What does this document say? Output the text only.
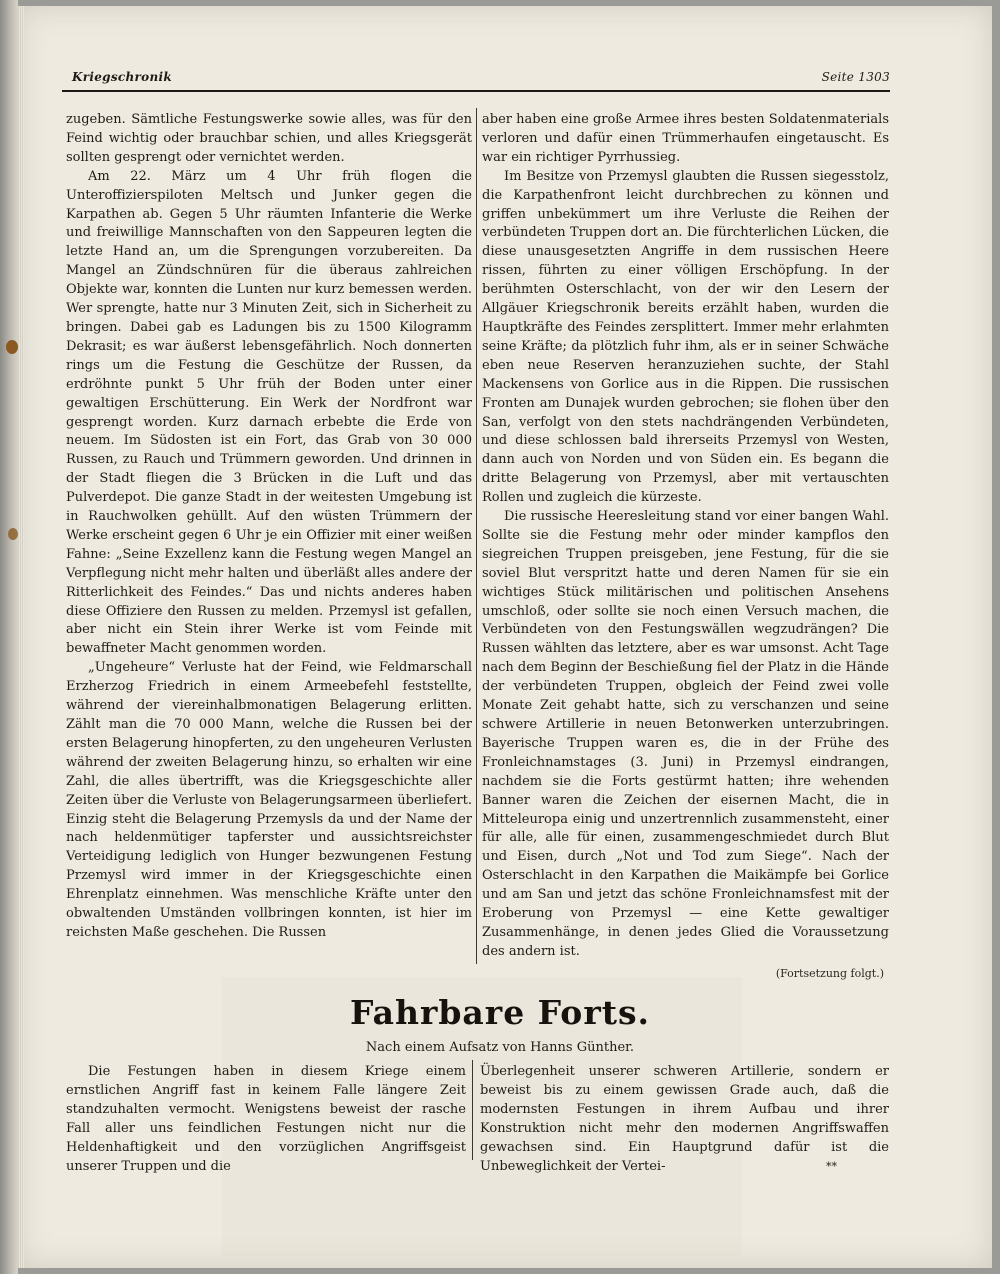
Kriegschronik	Seite 1303

zugeben. Sämtliche Festungswerke sowie alles, was für den Feind wichtig oder brauchbar schien, und alles Kriegsgerät sollten gesprengt oder vernichtet werden.

Am 22. März um 4 Uhr früh flogen die Unteroffizierspiloten Meltsch und Junker gegen die Karpathen ab. Gegen 5 Uhr räumten Infanterie die Werke und freiwillige Mannschaften von den Sappeuren legten die letzte Hand an, um die Sprengungen vorzubereiten. Da Mangel an Zündschnüren für die überaus zahlreichen Objekte war, konnten die Lunten nur kurz bemessen werden. Wer sprengte, hatte nur 3 Minuten Zeit, sich in Sicherheit zu bringen. Dabei gab es Ladungen bis zu 1500 Kilogramm Dekrasit; es war äußerst lebensgefährlich. Noch donnerten rings um die Festung die Geschütze der Russen, da erdröhnte punkt 5 Uhr früh der Boden unter einer gewaltigen Erschütterung. Ein Werk der Nordfront war gesprengt worden. Kurz darnach erbebte die Erde von neuem. Im Südosten ist ein Fort, das Grab von 30 000 Russen, zu Rauch und Trümmern geworden. Und drinnen in der Stadt fliegen die 3 Brücken in die Luft und das Pulverdepot. Die ganze Stadt in der weitesten Umgebung ist in Rauchwolken gehüllt. Auf den wüsten Trümmern der Werke erscheint gegen 6 Uhr je ein Offizier mit einer weißen Fahne: „Seine Exzellenz kann die Festung wegen Mangel an Verpflegung nicht mehr halten und überläßt alles andere der Ritterlichkeit des Feindes.“ Das und nichts anderes haben diese Offiziere den Russen zu melden. Przemysl ist gefallen, aber nicht ein Stein ihrer Werke ist vom Feinde mit bewaffneter Macht genommen worden.

„Ungeheure“ Verluste hat der Feind, wie Feldmarschall Erzherzog Friedrich in einem Armeebefehl feststellte, während der viereinhalbmonatigen Belagerung erlitten. Zählt man die 70 000 Mann, welche die Russen bei der ersten Belagerung hinopferten, zu den ungeheuren Verlusten während der zweiten Belagerung hinzu, so erhalten wir eine Zahl, die alles übertrifft, was die Kriegsgeschichte aller Zeiten über die Verluste von Belagerungsarmeen überliefert. Einzig steht die Belagerung Przemysls da und der Name der nach heldenmütiger tapferster und aussichtsreichster Verteidigung lediglich von Hunger bezwungenen Festung Przemysl wird immer in der Kriegsgeschichte einen Ehrenplatz einnehmen. Was menschliche Kräfte unter den obwaltenden Umständen vollbringen konnten, ist hier im reichsten Maße geschehen. Die Russen

aber haben eine große Armee ihres besten Soldatenmaterials verloren und dafür einen Trümmerhaufen eingetauscht. Es war ein richtiger Pyrrhussieg.

Im Besitze von Przemysl glaubten die Russen siegesstolz, die Karpathenfront leicht durchbrechen zu können und griffen unbekümmert um ihre Verluste die Reihen der verbündeten Truppen dort an. Die fürchterlichen Lücken, die diese unausgesetzten Angriffe in dem russischen Heere rissen, führten zu einer völligen Erschöpfung. In der berühmten Osterschlacht, von der wir den Lesern der Allgäuer Kriegschronik bereits erzählt haben, wurden die Hauptkräfte des Feindes zersplittert. Immer mehr erlahmten seine Kräfte; da plötzlich fuhr ihm, als er in seiner Schwäche eben neue Reserven heranzuziehen suchte, der Stahl Mackensens von Gorlice aus in die Rippen. Die russischen Fronten am Dunajek wurden gebrochen; sie flohen über den San, verfolgt von den stets nachdrängenden Verbündeten, und diese schlossen bald ihrerseits Przemysl von Westen, dann auch von Norden und von Süden ein. Es begann die dritte Belagerung von Przemysl, aber mit vertauschten Rollen und zugleich die kürzeste.

Die russische Heeresleitung stand vor einer bangen Wahl. Sollte sie die Festung mehr oder minder kampflos den siegreichen Truppen preisgeben, jene Festung, für die sie soviel Blut verspritzt hatte und deren Namen für sie ein wichtiges Stück militärischen und politischen Ansehens umschloß, oder sollte sie noch einen Versuch machen, die Verbündeten von den Festungswällen wegzudrängen? Die Russen wählten das letztere, aber es war umsonst. Acht Tage nach dem Beginn der Beschießung fiel der Platz in die Hände der verbündeten Truppen, obgleich der Feind zwei volle Monate Zeit gehabt hatte, sich zu verschanzen und seine schwere Artillerie in neuen Betonwerken unterzubringen. Bayerische Truppen waren es, die in der Frühe des Fronleichnamstages (3. Juni) in Przemysl eindrangen, nachdem sie die Forts gestürmt hatten; ihre wehenden Banner waren die Zeichen der eisernen Macht, die in Mitteleuropa einig und unzertrennlich zusammensteht, einer für alle, alle für einen, zusammengeschmiedet durch Blut und Eisen, durch „Not und Tod zum Siege“. Nach der Osterschlacht in den Karpathen die Maikämpfe bei Gorlice und am San und jetzt das schöne Fronleichnamsfest mit der Eroberung von Przemysl — eine Kette gewaltiger Zusammenhänge, in denen jedes Glied die Voraussetzung des andern ist.

(Fortsetzung folgt.)
Fahrbare Forts.
Nach einem Aufsatz von Hanns Günther.

Die Festungen haben in diesem Kriege einem ernstlichen Angriff fast in keinem Falle längere Zeit standzuhalten vermocht. Wenigstens beweist der rasche Fall aller uns feindlichen Festungen nicht nur die Heldenhaftigkeit und den vorzüglichen Angriffsgeist unserer Truppen und die

Überlegenheit unserer schweren Artillerie, sondern er beweist bis zu einem gewissen Grade auch, daß die modernsten Festungen in ihrem Aufbau und ihrer Konstruktion nicht mehr den modernen Angriffswaffen gewachsen sind. Ein Hauptgrund dafür ist die Unbeweglichkeit der Vertei-	**
